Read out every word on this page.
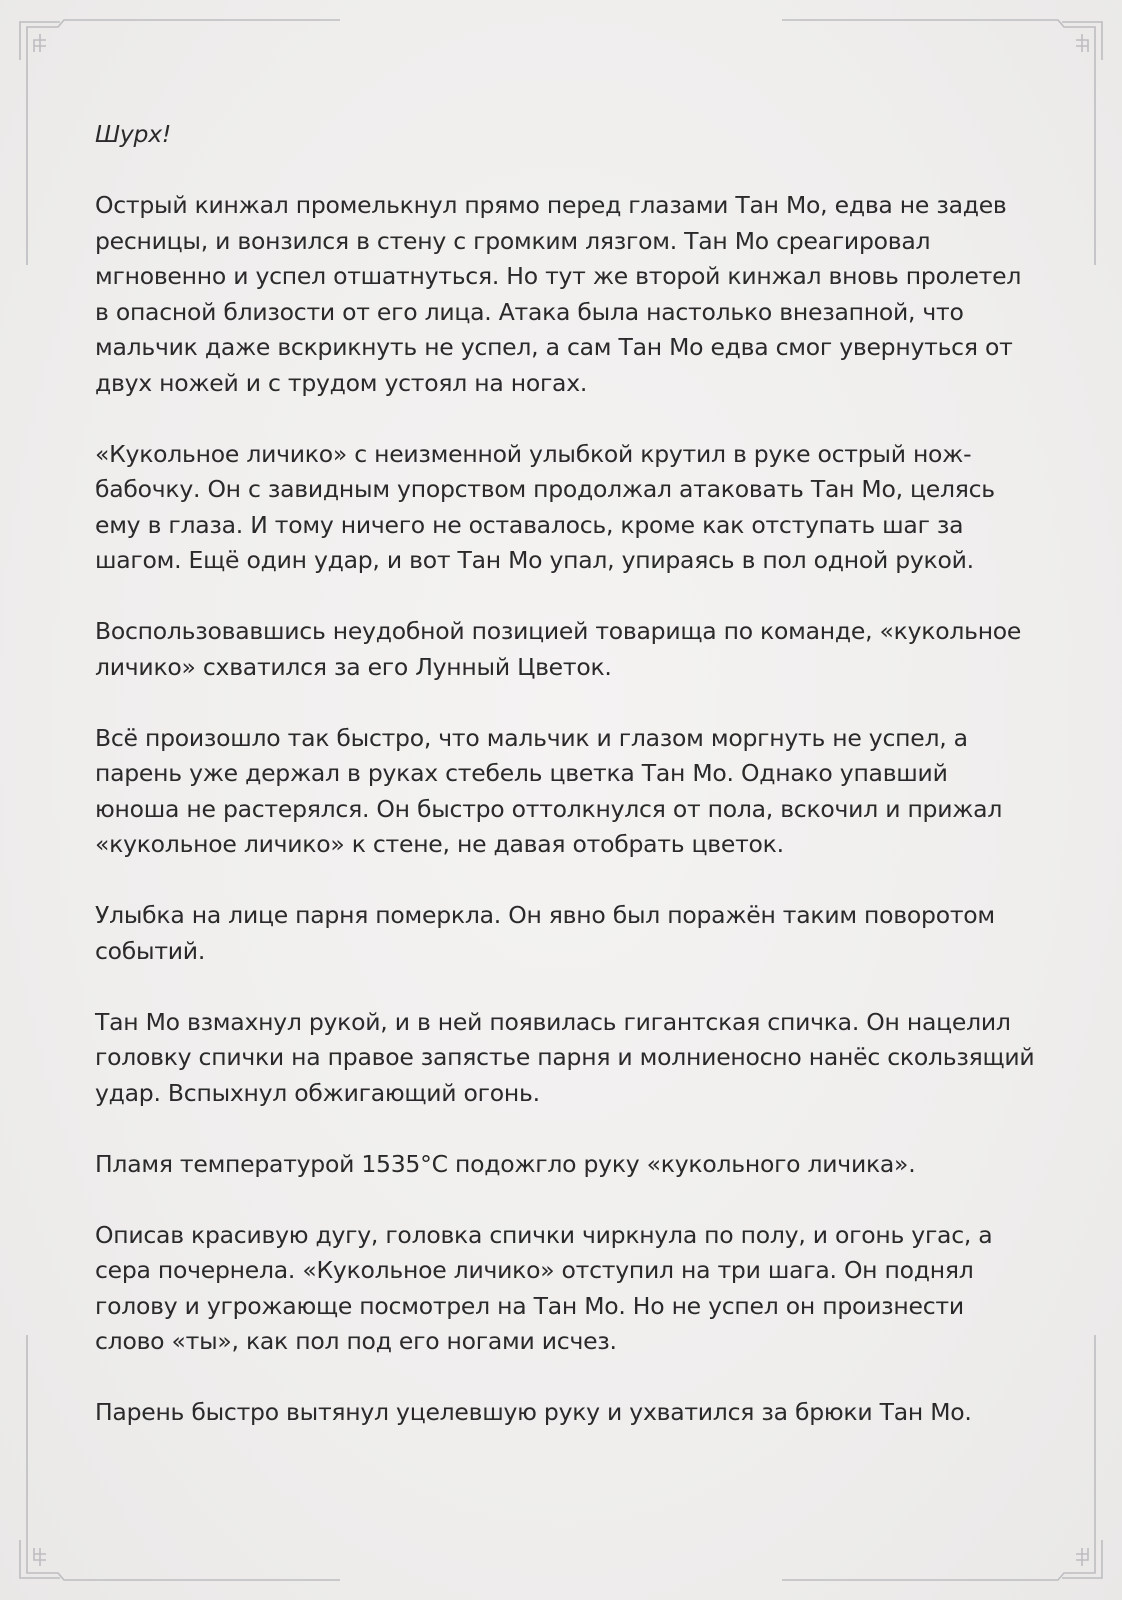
Шурх!

Острый кинжал промелькнул прямо перед глазами Тан Мо, едва не задев ресницы, и вонзился в стену с громким лязгом. Тан Мо среагировал мгновенно и успел отшатнуться. Но тут же второй кинжал вновь пролетел в опасной близости от его лица. Атака была настолько внезапной, что мальчик даже вскрикнуть не успел, а сам Тан Мо едва смог увернуться от двух ножей и с трудом устоял на ногах.

«Кукольное личико» с неизменной улыбкой крутил в руке острый нож-бабочку. Он с завидным упорством продолжал атаковать Тан Мо, целясь ему в глаза. И тому ничего не оставалось, кроме как отступать шаг за шагом. Ещё один удар, и вот Тан Мо упал, упираясь в пол одной рукой.

Воспользовавшись неудобной позицией товарища по команде, «кукольное личико» схватился за его Лунный Цветок.

Всё произошло так быстро, что мальчик и глазом моргнуть не успел, а парень уже держал в руках стебель цветка Тан Мо. Однако упавший юноша не растерялся. Он быстро оттолкнулся от пола, вскочил и прижал «кукольное личико» к стене, не давая отобрать цветок.

Улыбка на лице парня померкла. Он явно был поражён таким поворотом событий.

Тан Мо взмахнул рукой, и в ней появилась гигантская спичка. Он нацелил головку спички на правое запястье парня и молниеносно нанёс скользящий удар. Вспыхнул обжигающий огонь.

Пламя температурой 1535°С подожгло руку «кукольного личика».

Описав красивую дугу, головка спички чиркнула по полу, и огонь угас, а сера почернела. «Кукольное личико» отступил на три шага. Он поднял голову и угрожающе посмотрел на Тан Мо. Но не успел он произнести слово «ты», как пол под его ногами исчез.

Парень быстро вытянул уцелевшую руку и ухватился за брюки Тан Мо.
